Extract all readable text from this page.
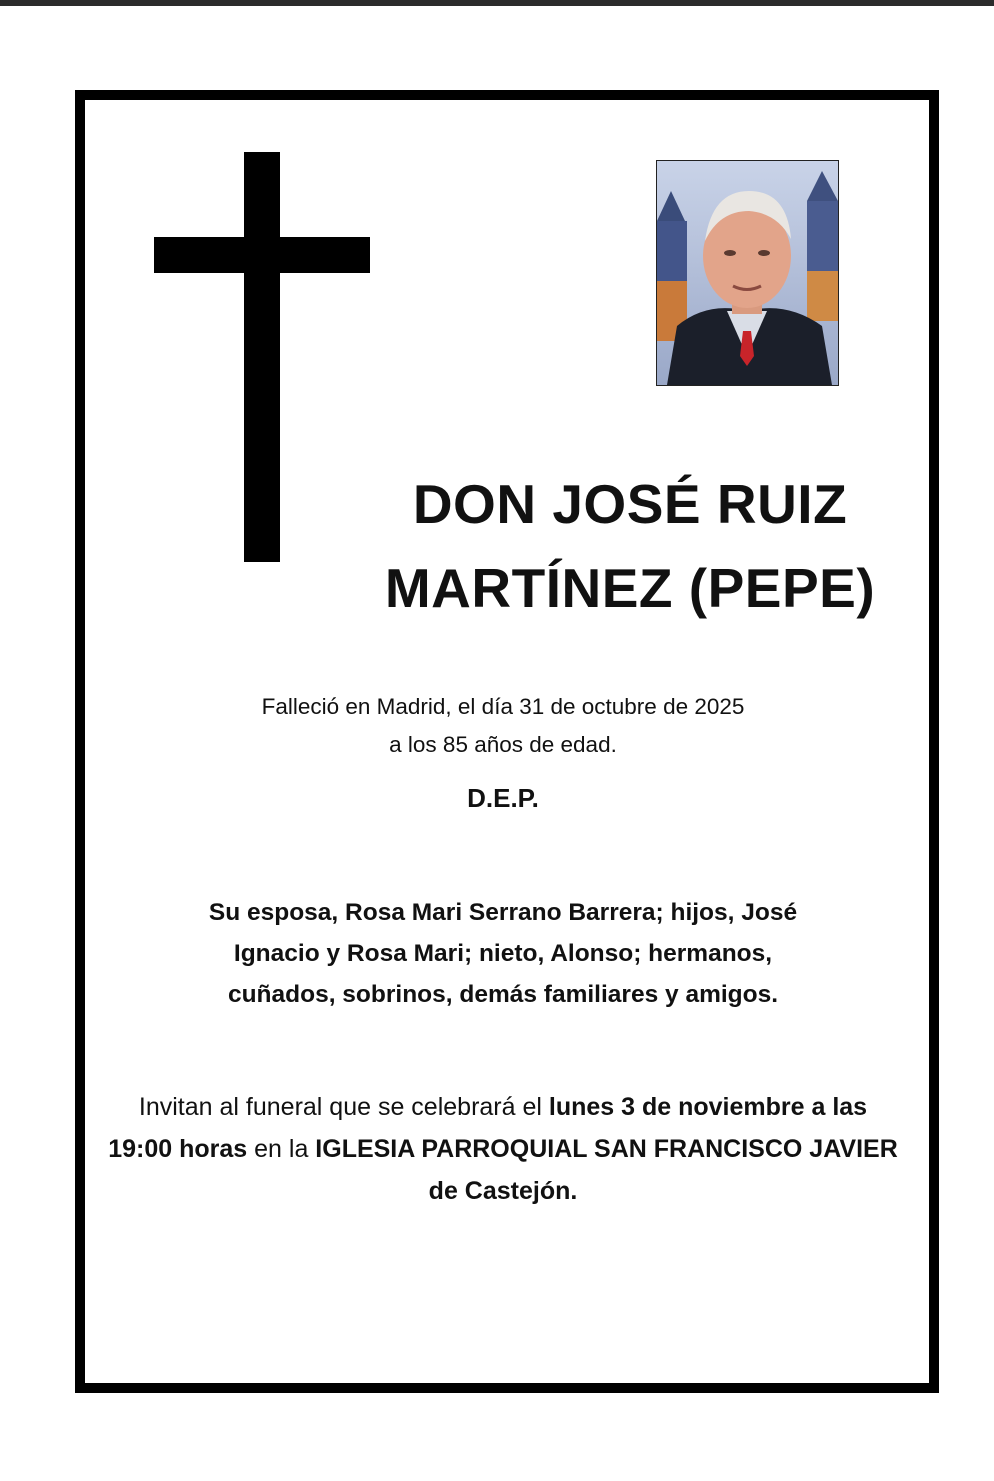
DON JOSÉ RUIZ
MARTÍNEZ (PEPE)
Falleció en Madrid, el día 31 de octubre de 2025
a los 85 años de edad.
D.E.P.
Su esposa, Rosa Mari Serrano Barrera; hijos, José
Ignacio y Rosa Mari; nieto, Alonso; hermanos,
cuñados, sobrinos, demás familiares y amigos.
Invitan al funeral que se celebrará el lunes 3 de noviembre a las 19:00 horas en la IGLESIA PARROQUIAL SAN FRANCISCO JAVIER de Castejón.
